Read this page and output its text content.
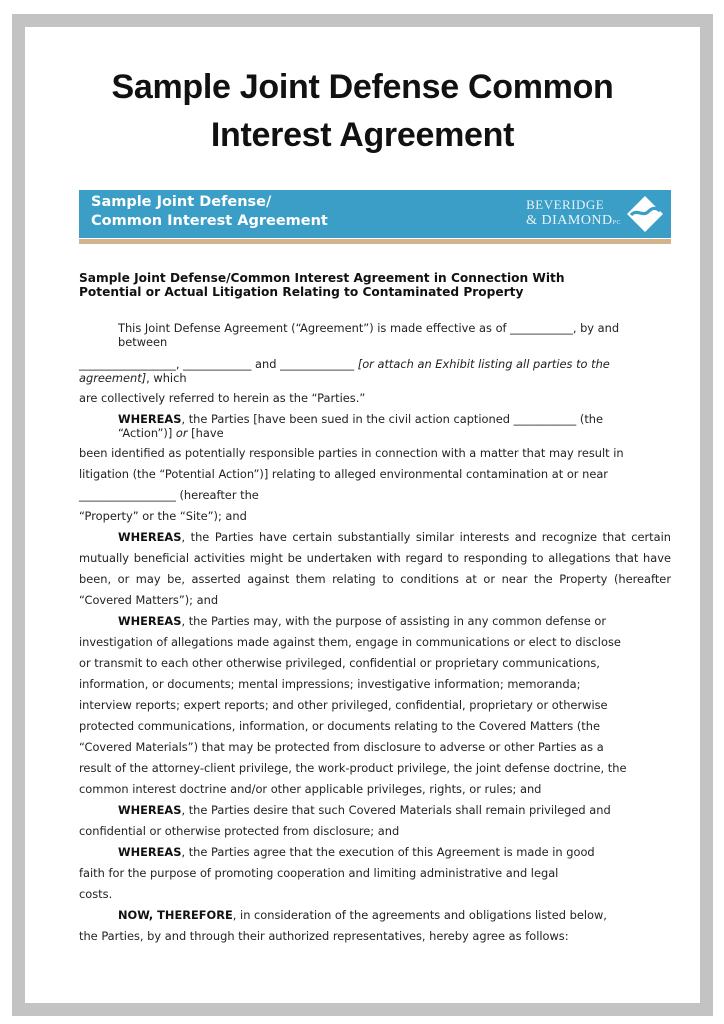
Sample Joint Defense Common
Interest Agreement
Sample Joint Defense/
Common Interest Agreement
BEVERIDGE
& DIAMONDPC
Sample Joint Defense/Common Interest Agreement in Connection With
Potential or Actual Litigation Relating to Contaminated Property
This Joint Defense Agreement (“Agreement”) is made effective as of ___________, by and
between
_________________, ____________ and _____________ [or attach an Exhibit listing all parties to the agreement], which

are collectively referred to herein as the “Parties.”

WHEREAS, the Parties [have been sued in the civil action captioned ___________ (the
“Action”)] or [have

been identified as potentially responsible parties in connection with a matter that may result in

litigation (the “Potential Action”)] relating to alleged environmental contamination at or near

_________________ (hereafter the

“Property” or the “Site”); and

WHEREAS, the Parties have certain substantially similar interests and recognize that certain mutually beneficial activities might be undertaken with regard to responding to allegations that have been, or may be, asserted against them relating to conditions at or near the Property (hereafter “Covered Matters”); and

WHEREAS, the Parties may, with the purpose of assisting in any common defense or

investigation of allegations made against them, engage in communications or elect to disclose

or transmit to each other otherwise privileged, confidential or proprietary communications,

information, or documents; mental impressions; investigative information; memoranda;

interview reports; expert reports; and other privileged, confidential, proprietary or otherwise

protected communications, information, or documents relating to the Covered Matters (the

“Covered Materials”) that may be protected from disclosure to adverse or other Parties as a

result of the attorney-client privilege, the work-product privilege, the joint defense doctrine, the

common interest doctrine and/or other applicable privileges, rights, or rules; and

WHEREAS, the Parties desire that such Covered Materials shall remain privileged and

confidential or otherwise protected from disclosure; and

WHEREAS, the Parties agree that the execution of this Agreement is made in good

faith for the purpose of promoting cooperation and limiting administrative and legal

costs.

NOW, THEREFORE, in consideration of the agreements and obligations listed below,

the Parties, by and through their authorized representatives, hereby agree as follows:
